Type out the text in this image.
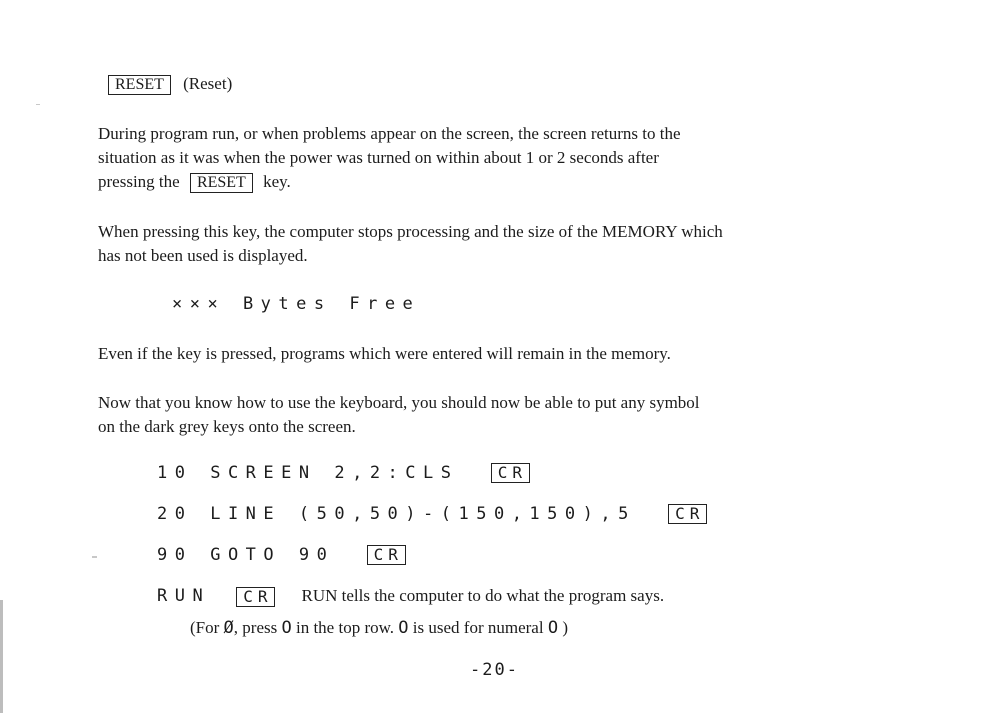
RESET (Reset)
During program run, or when problems appear on the screen, the screen returns to the
situation as it was when the power was turned on within about 1 or 2 seconds after
pressing the RESET key.
When pressing this key, the computer stops processing and the size of the MEMORY which
has not been used is displayed.
××× Bytes Free
Even if the key is pressed, programs which were entered will remain in the memory.
Now that you know how to use the keyboard, you should now be able to put any symbol
on the dark grey keys onto the screen.
10 SCREEN 2,2:CLS CR
20 LINE (50,50)-(150,150),5 CR
90 GOTO 90 CR
RUN CR RUN tells the computer to do what the program says.
(For Ø, press O in the top row. O is used for numeral O )
-20-
